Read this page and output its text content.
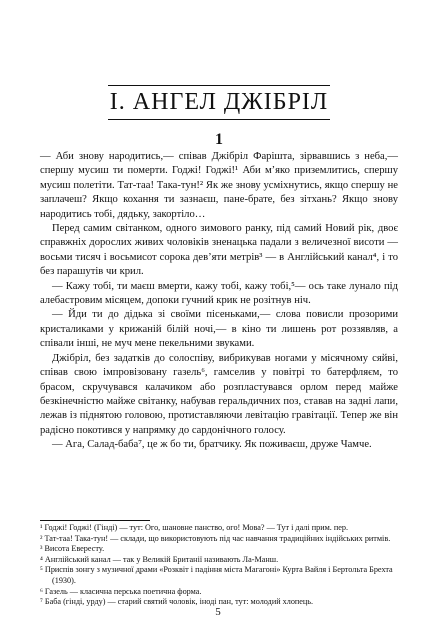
І. АНГЕЛ ДЖІБРІЛ
1

— Аби знову народитись,— співав Джібріл Фарішта, зірвавшись з неба,— спершу мусиш ти померти. Годжі! Годжі!¹ Аби м’яко приземлитись, спершу мусиш полетіти. Тат-таа! Така-тун!² Як же знову усміхнутись, якщо спершу не заплачеш? Якщо кохання ти зазнаєш, пане-брате, без зітхань? Якщо знову народитись тобі, дядьку, закортіло…

Перед самим світанком, одного зимового ранку, під самий Новий рік, двоє справжніх дорослих живих чоловіків зненацька падали з величезної висоти — восьми тисяч і восьмисот сорока дев’яти метрів³ — в Англійський канал⁴, і то без парашутів чи крил.

— Кажу тобі, ти маєш вмерти, кажу тобі, кажу тобі,⁵— ось таке лунало під алебастровим місяцем, допоки гучний крик не розітнув ніч.

— Йди ти до дідька зі своїми пісеньками,— слова повисли прозорими кристаликами у крижаній білій ночі,— в кіно ти лишень рот роззявляв, а співали інші, не муч мене пекельними звуками.

Джібріл, без задатків до солоспіву, вибрикував ногами у місячному сяйві, співав свою імпровізовану газель⁶, гамселив у повітрі то батерфляєм, то брасом, скручувався калачиком або розпластувався орлом перед майже безкінечністю майже світанку, набував геральдичних поз, ставав на задні лапи, лежав із піднятою головою, протиставляючи левітацію гравітації. Тепер же він радісно покотився у напрямку до сардонічного голосу.

— Ага, Салад-баба⁷, це ж бо ти, братчику. Як поживаєш, друже Чамче.

¹ Годжі! Годжі! (Гінді) — тут: Ого, шановне панство, ого! Мова? — Тут і далі прим. пер.
² Тат-таа! Така-тун! — склади, що використовують під час навчання традиційних індійських ритмів.
³ Висота Евересту.
⁴ Англійський канал — так у Великій Британії називають Ла-Манш.
⁵ Приспів зонгу з музичної драми «Розквіт і падіння міста Магагоні» Курта Вайля і Бертольта Брехта (1930).
⁶ Газель — класична перська поетична форма.
⁷ Баба (гінді, урду) — старий святий чоловік, іноді пан, тут: молодий хлопець.
5
